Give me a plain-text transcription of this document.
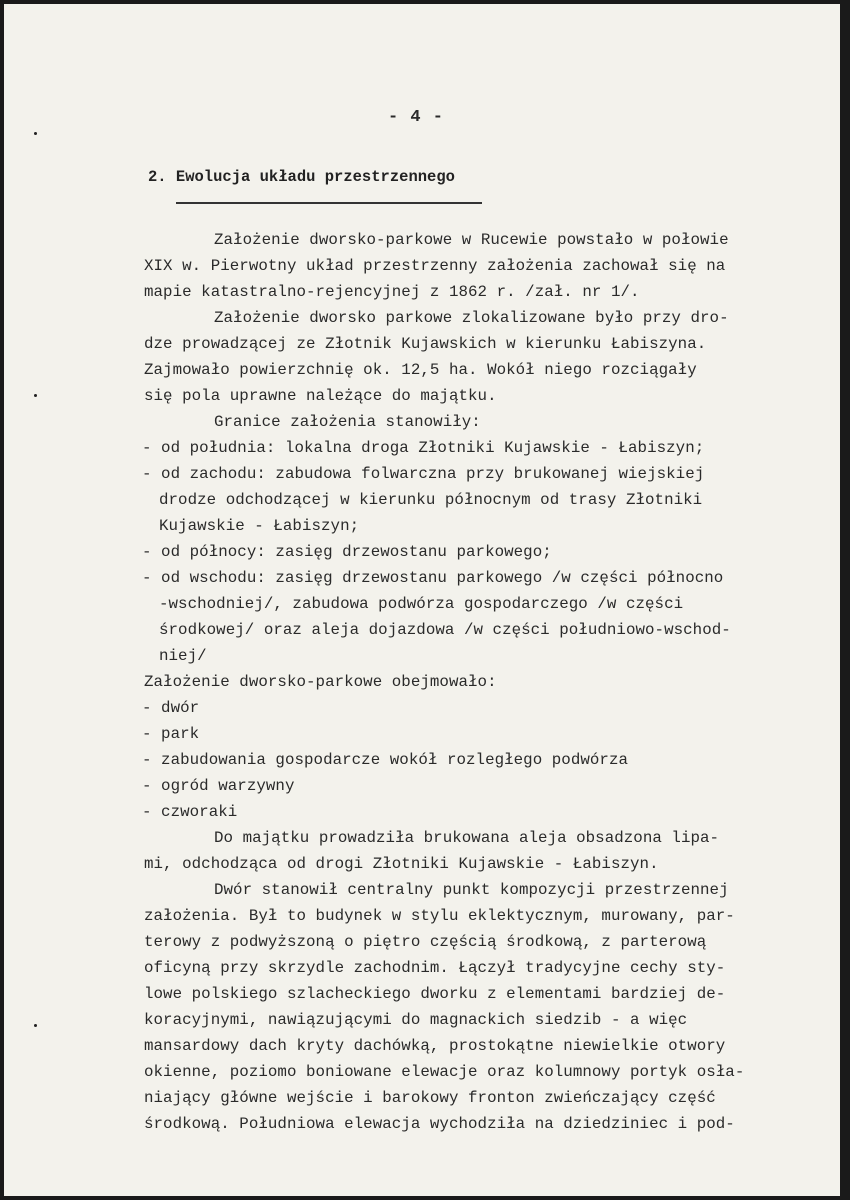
- 4 -
2. Ewolucja układu przestrzennego
Założenie dworsko-parkowe w Rucewie powstało w połowie
XIX w. Pierwotny układ przestrzenny założenia zachował się na
mapie katastralno-rejencyjnej z 1862 r. /zał. nr 1/.
Założenie dworsko parkowe zlokalizowane było przy dro-
dze prowadzącej ze Złotnik Kujawskich w kierunku Łabiszyna.
Zajmowało powierzchnię ok. 12,5 ha. Wokół niego rozciągały
się pola uprawne należące do majątku.
Granice założenia stanowiły:
- od południa: lokalna droga Złotniki Kujawskie - Łabiszyn;
- od zachodu: zabudowa folwarczna przy brukowanej wiejskiej
drodze odchodzącej w kierunku północnym od trasy Złotniki
Kujawskie - Łabiszyn;
- od północy: zasięg drzewostanu parkowego;
- od wschodu: zasięg drzewostanu parkowego /w części północno
-wschodniej/, zabudowa podwórza gospodarczego /w części
środkowej/ oraz aleja dojazdowa /w części południowo-wschod-
niej/
Założenie dworsko-parkowe obejmowało:
- dwór
- park
- zabudowania gospodarcze wokół rozległego podwórza
- ogród warzywny
- czworaki
Do majątku prowadziła brukowana aleja obsadzona lipa-
mi, odchodząca od drogi Złotniki Kujawskie - Łabiszyn.
Dwór stanowił centralny punkt kompozycji przestrzennej
założenia. Był to budynek w stylu eklektycznym, murowany, par-
terowy z podwyższoną o piętro częścią środkową, z parterową
oficyną przy skrzydle zachodnim. Łączył tradycyjne cechy sty-
lowe polskiego szlacheckiego dworku z elementami bardziej de-
koracyjnymi, nawiązującymi do magnackich siedzib - a więc
mansardowy dach kryty dachówką, prostokątne niewielkie otwory
okienne, poziomo boniowane elewacje oraz kolumnowy portyk osła-
niający główne wejście i barokowy fronton zwieńczający część
środkową. Południowa elewacja wychodziła na dziedziniec i pod-
